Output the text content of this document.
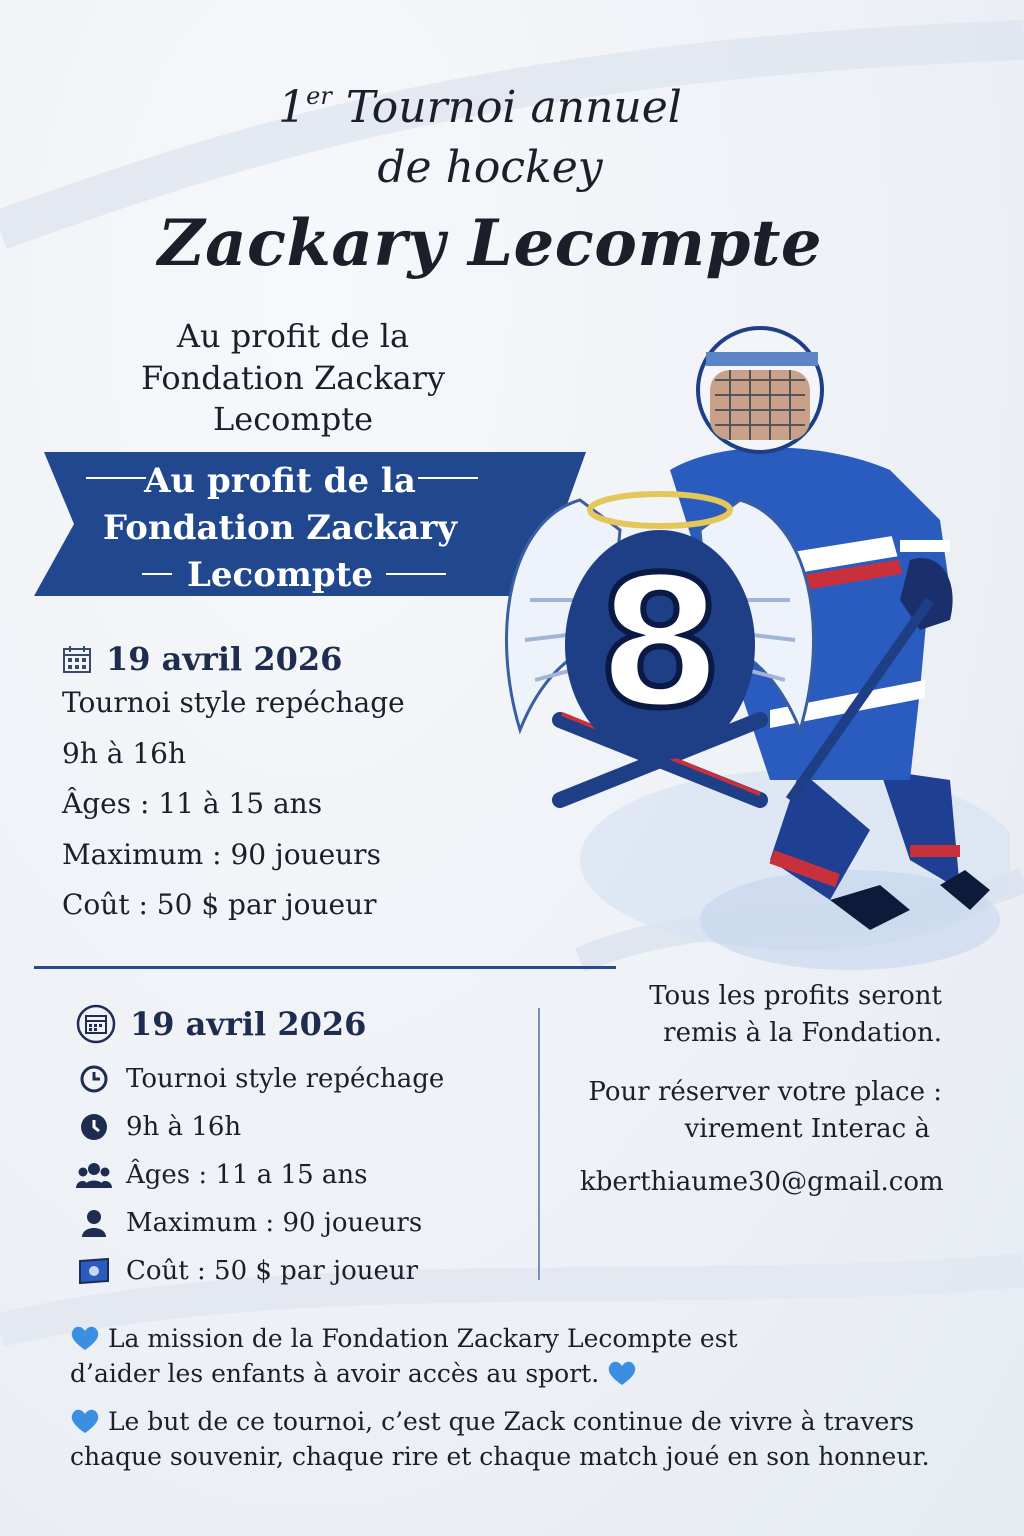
1er Tournoi annuel
de hockey
Zackary Lecompte
Au profit de la
Fondation Zackary Lecompte
Au profit de la
Fondation Zackary
Lecompte	8
19 avril 2026
Tournoi style repéchage
9h à 16h
Âges : 11 à 15 ans
Maximum : 90 joueurs
Coût : 50 $ par joueur
19 avril 2026
Tournoi style repéchage
9h à 16h
Âges : 11 a 15 ans
Maximum : 90 joueurs
Coût : 50 $ par joueur
Tous les profits seront
remis à la Fondation.
Pour réserver votre place :
virement Interac à
kberthiaume30@gmail.com

La mission de la Fondation Zackary Lecompte est
d’aider les enfants à avoir accès au sport.

Le but de ce tournoi, c’est que Zack continue de vivre à travers
chaque souvenir, chaque rire et chaque match joué en son honneur.
